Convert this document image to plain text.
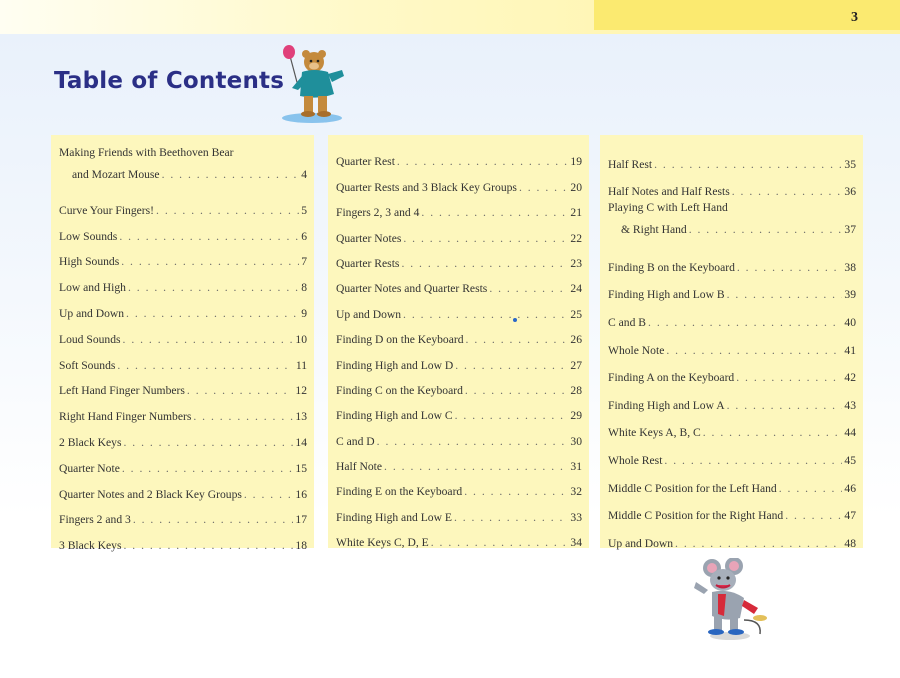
3
Table of Contents
Making Friends with Beethoven Bear
and Mozart Mouse . . .	4
Curve Your Fingers! . . .	5
Low Sounds . . .	6
High Sounds . . .	7
Low and High . . .	8
Up and Down . . .	9
Loud Sounds . . .	10
Soft Sounds . . .	11
Left Hand Finger Numbers . . .	12
Right Hand Finger Numbers . . .	13
2 Black Keys . . .	14
Quarter Note . . .	15
Quarter Notes and 2 Black Key Groups . . .	16
Fingers 2 and 3 . . .	17
3 Black Keys . . .	18
Quarter Rest . . .	19
Quarter Rests and 3 Black Key Groups . . .	20
Fingers 2, 3 and 4 . . .	21
Quarter Notes . . .	22
Quarter Rests . . .	23
Quarter Notes and Quarter Rests . . .	24
Up and Down . . .	25
Finding D on the Keyboard . . .	26
Finding High and Low D . . .	27
Finding C on the Keyboard . . .	28
Finding High and Low C . . .	29
C and D . . .	30
Half Note . . .	31
Finding E on the Keyboard . . .	32
Finding High and Low E . . .	33
White Keys C, D, E . . .	34
Half Rest . . .	35
Half Notes and Half Rests . . .	36
Playing C with Left Hand
& Right Hand . . .	37
Finding B on the Keyboard . . .	38
Finding High and Low B . . .	39
C and B . . .	40
Whole Note . . .	41
Finding A on the Keyboard . . .	42
Finding High and Low A . . .	43
White Keys A, B, C . . .	44
Whole Rest . . .	45
Middle C Position for the Left Hand . . .	46
Middle C Position for the Right Hand . . .	47
Up and Down . . .	48
